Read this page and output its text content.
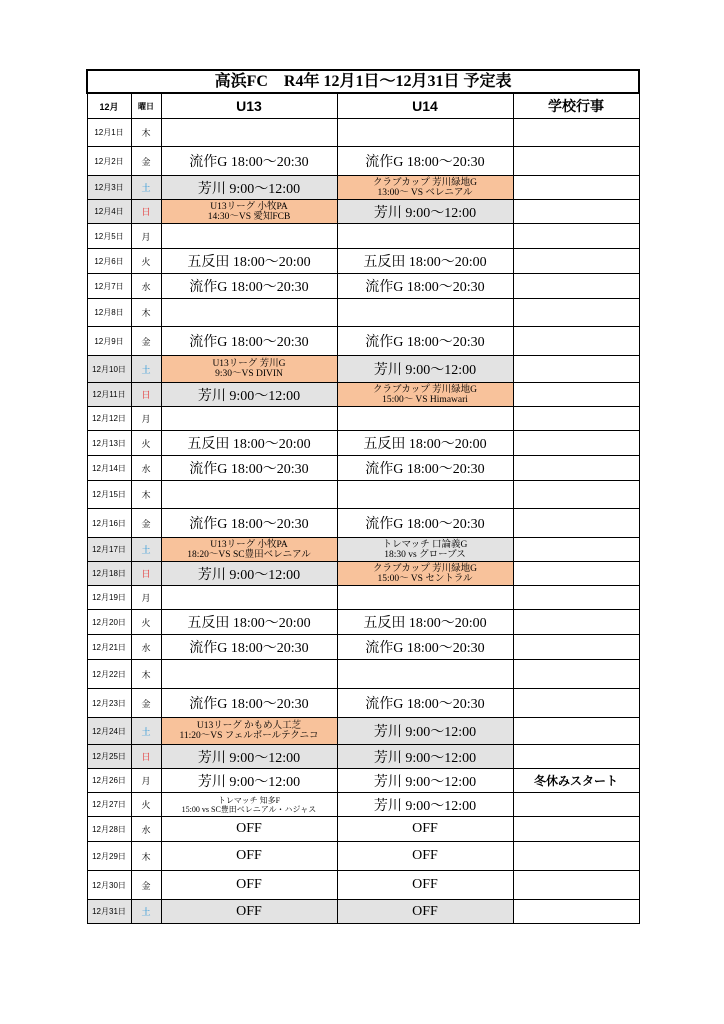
高浜FC　R4年 12月1日～12月31日 予定表				
12月	曜日	U13	U14	学校行事
12月1日	木			
12月2日	金	流作G 18:00～20:30	流作G 18:00～20:30	

12月3日	土	芳川 9:00～12:00	クラブカップ 芳川緑地G
13:00～ VS ベレニアル	

12月4日	日	U13リーグ 小牧PA
14:30～VS 愛知FCB	芳川 9:00～12:00	

12月5日	月			
12月6日	火	五反田 18:00～20:00	五反田 18:00～20:00	

12月7日	水	流作G 18:00～20:30	流作G 18:00～20:30	

12月8日	木			
12月9日	金	流作G 18:00～20:30	流作G 18:00～20:30	

12月10日	土	U13リーグ 芳川G
9:30～VS DIVIN	芳川 9:00～12:00	

12月11日	日	芳川 9:00～12:00	クラブカップ 芳川緑地G
15:00～ VS Himawari	

12月12日	月			
12月13日	火	五反田 18:00～20:00	五反田 18:00～20:00	

12月14日	水	流作G 18:00～20:30	流作G 18:00～20:30	

12月15日	木			
12月16日	金	流作G 18:00～20:30	流作G 18:00～20:30	

12月17日	土	U13リーグ 小牧PA
18:20～VS SC豊田ベレニアル	トレマッチ 口論義G
18:30 vs グローブス	

12月18日	日	芳川 9:00～12:00	クラブカップ 芳川緑地G
15:00～ VS セントラル	

12月19日	月			
12月20日	火	五反田 18:00～20:00	五反田 18:00～20:00	

12月21日	水	流作G 18:00～20:30	流作G 18:00～20:30	

12月22日	木			
12月23日	金	流作G 18:00～20:30	流作G 18:00～20:30	

12月24日	土	U13リーグ かもめ人工芝
11:20～VS フェルボールテクニコ	芳川 9:00～12:00	

12月25日	日	芳川 9:00～12:00	芳川 9:00～12:00	

12月26日	月	芳川 9:00～12:00	芳川 9:00～12:00	冬休みスタート
12月27日	火	トレマッチ 知多F
15:00 vs SC豊田ベレニアル・ハジャス	芳川 9:00～12:00	

12月28日	水	OFF	OFF	

12月29日	木	OFF	OFF	

12月30日	金	OFF	OFF	

12月31日	土	OFF	OFF	
